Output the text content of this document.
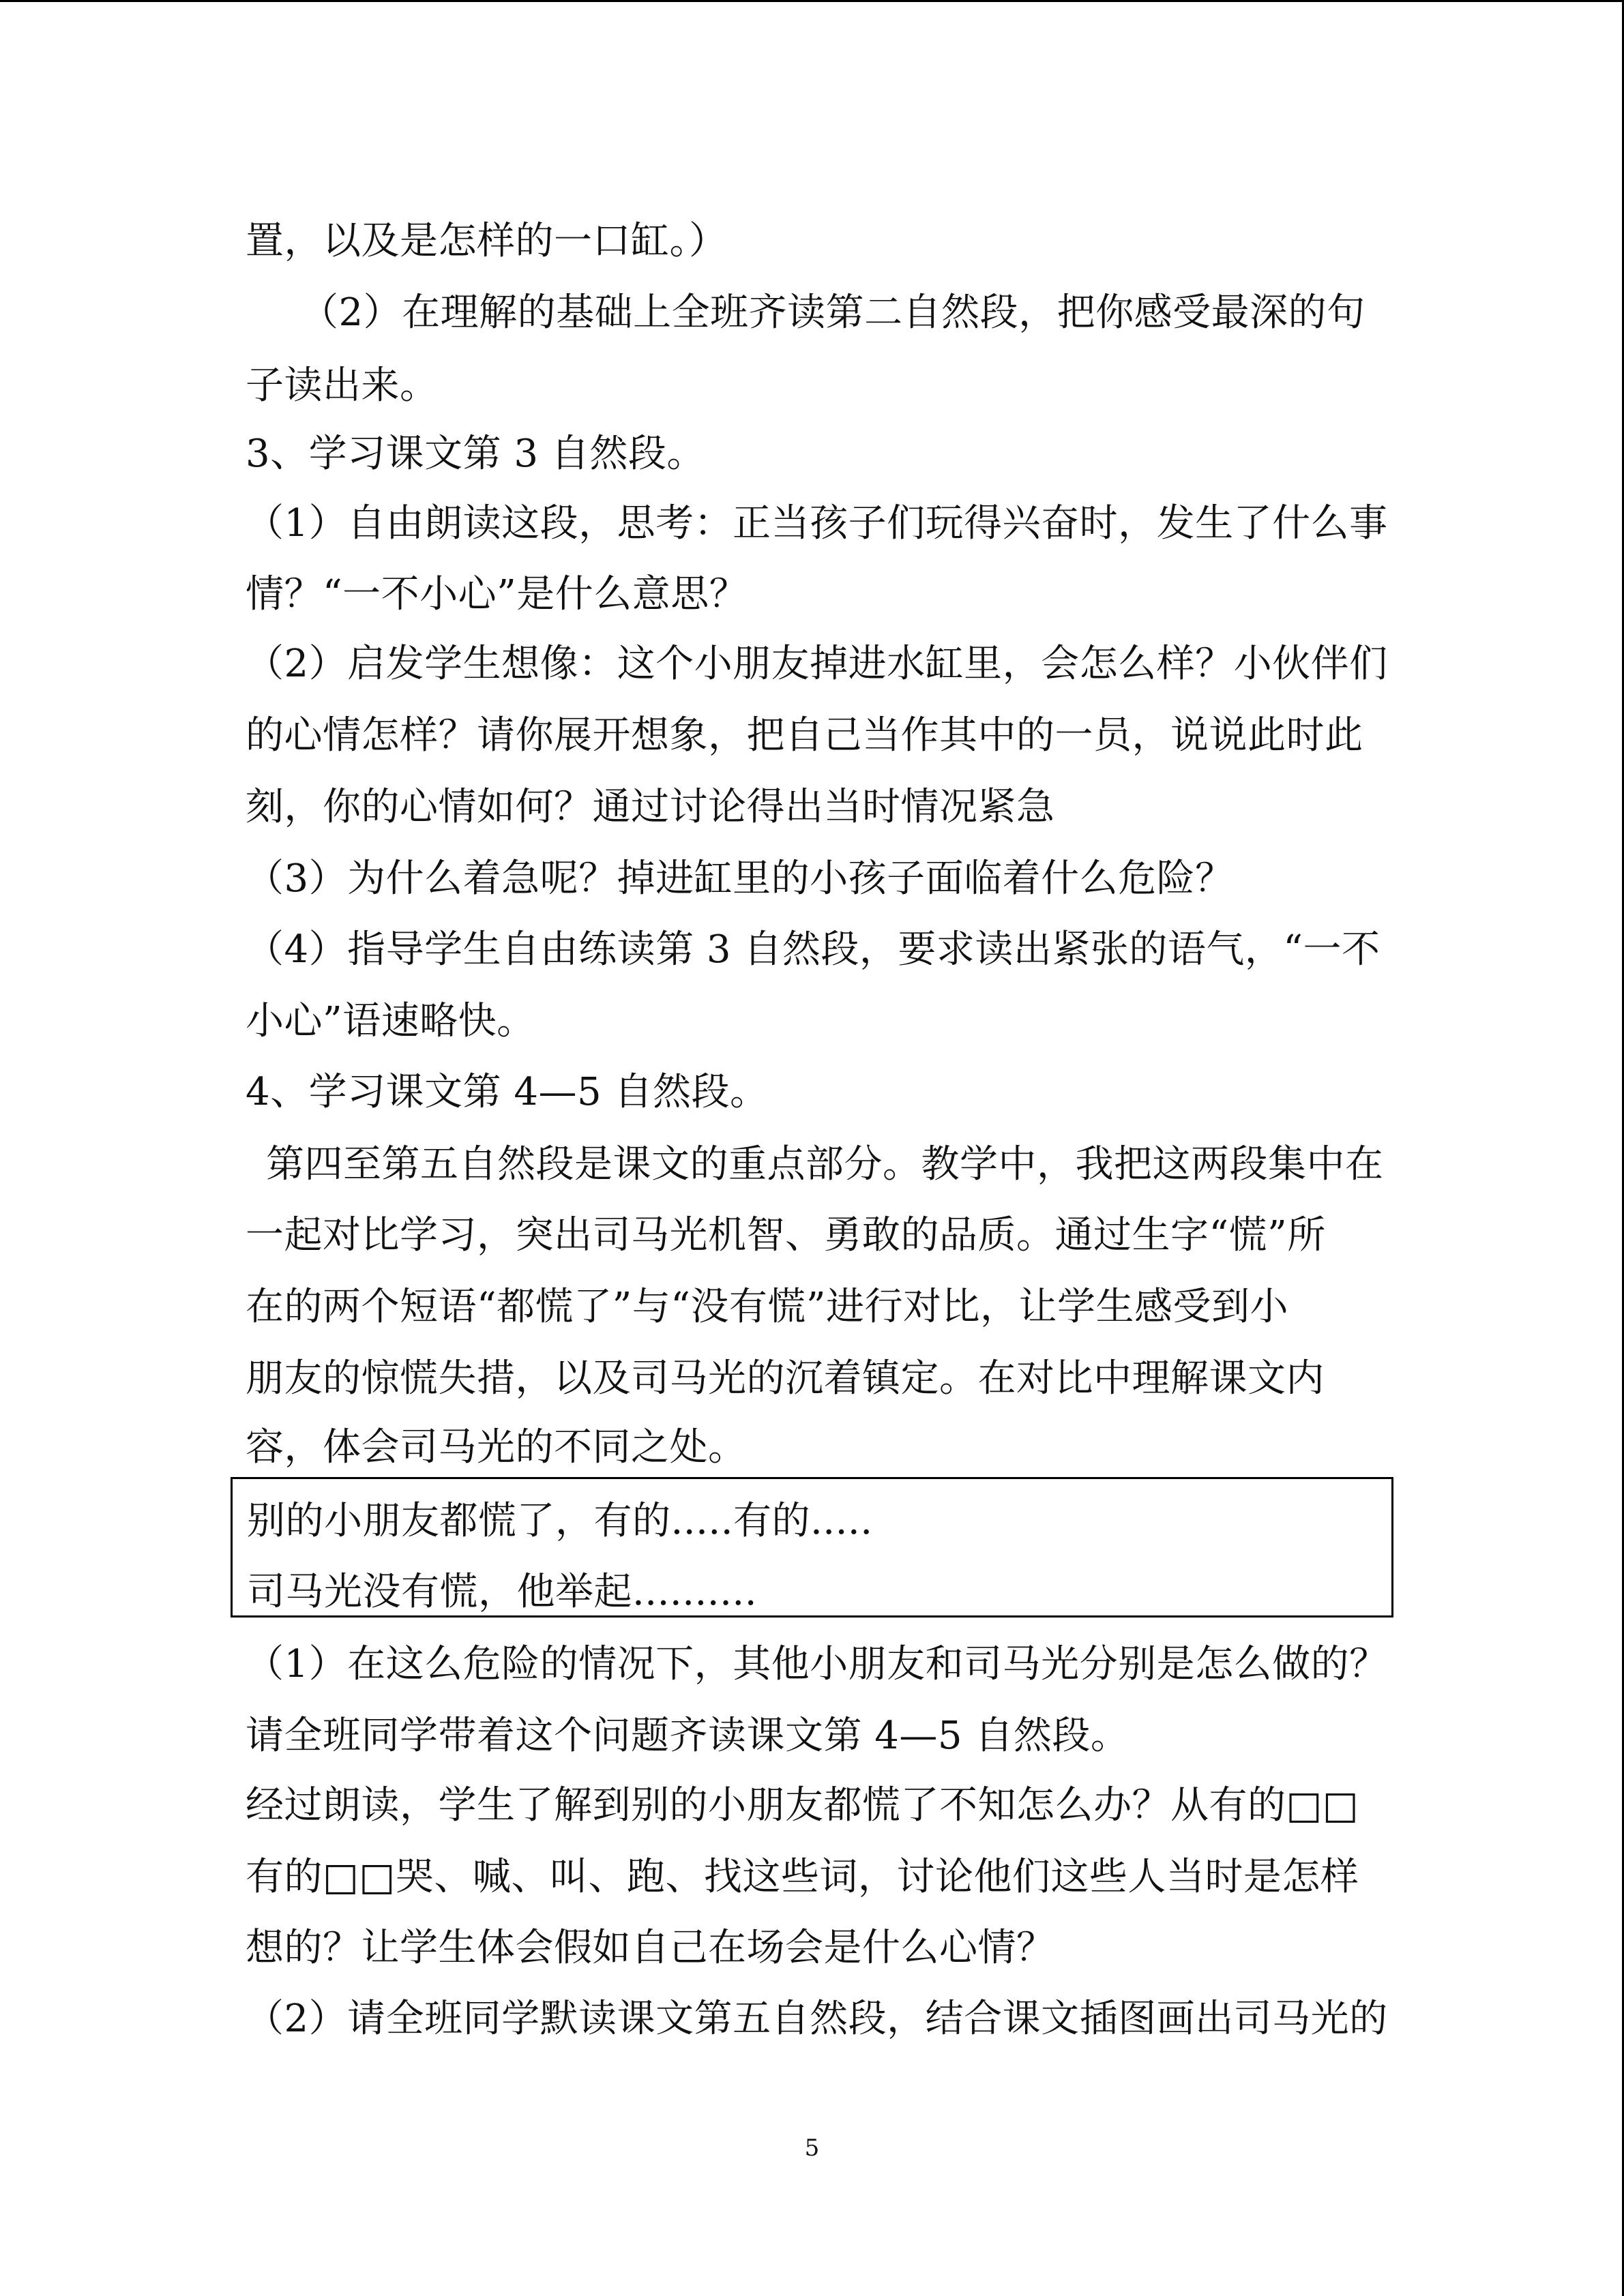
置，以及是怎样的一口缸。）
（2）在理解的基础上全班齐读第二自然段，把你感受最深的句
子读出来。
3、学习课文第 3 自然段。
（1）自由朗读这段，思考：正当孩子们玩得兴奋时，发生了什么事
情？“一不小心”是什么意思？
（2）启发学生想像：这个小朋友掉进水缸里，会怎么样？小伙伴们
的心情怎样？请你展开想象，把自己当作其中的一员，说说此时此
刻，你的心情如何？通过讨论得出当时情况紧急
（3）为什么着急呢？掉进缸里的小孩子面临着什么危险？
（4）指导学生自由练读第 3 自然段，要求读出紧张的语气，“一不
小心”语速略快。
4、学习课文第 4—5 自然段。
第四至第五自然段是课文的重点部分。教学中，我把这两段集中在
一起对比学习，突出司马光机智、勇敢的品质。通过生字“慌”所
在的两个短语“都慌了”与“没有慌”进行对比，让学生感受到小
朋友的惊慌失措，以及司马光的沉着镇定。在对比中理解课文内
容，体会司马光的不同之处。
别的小朋友都慌了，有的.....有的.....
司马光没有慌，他举起..........
（1）在这么危险的情况下，其他小朋友和司马光分别是怎么做的？
请全班同学带着这个问题齐读课文第 4—5 自然段。
经过朗读，学生了解到别的小朋友都慌了不知怎么办？从有的□□
有的□□哭、喊、叫、跑、找这些词，讨论他们这些人当时是怎样
想的？让学生体会假如自己在场会是什么心情？
（2）请全班同学默读课文第五自然段，结合课文插图画出司马光的
5
